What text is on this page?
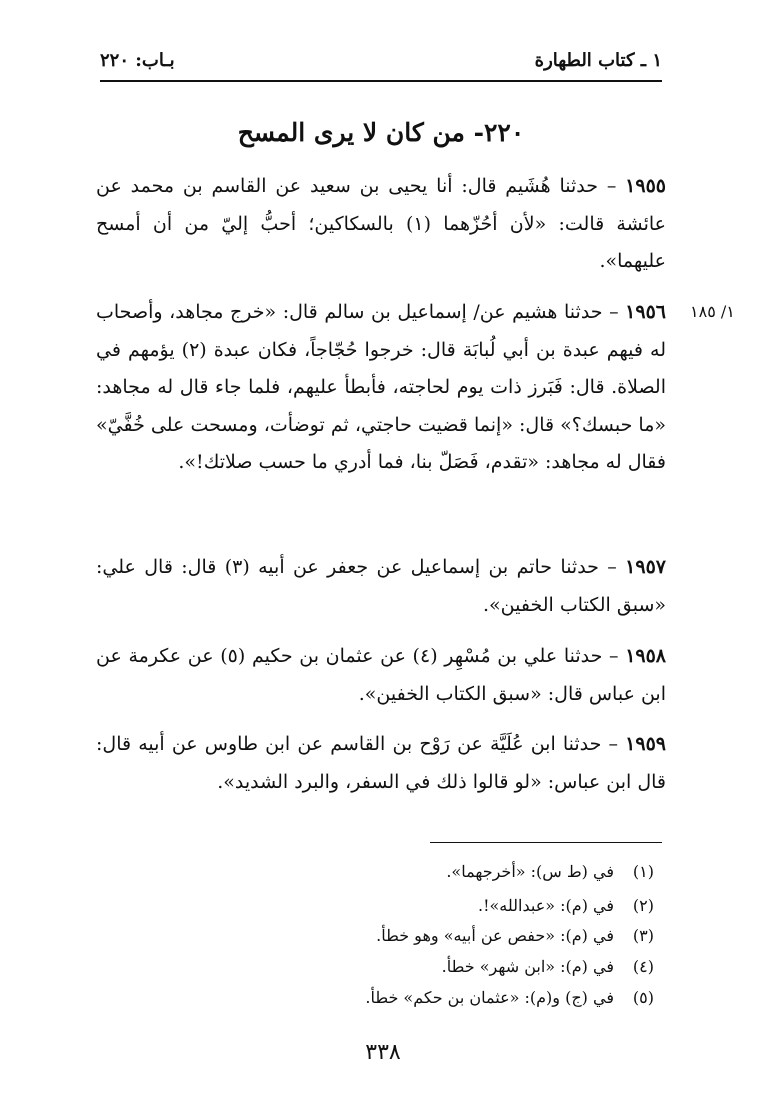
١ ـ كتاب الطهارة
بـاب: ٢٢٠
٢٢٠- من كان لا يرى المسح
١/ ١٨٥
١٩٥٥ – حدثنا هُشَيم قال: أنا يحيى بن سعيد عن القاسم بن محمد عن عائشة قالت: «لأن أحُزّهما (١) بالسكاكين؛ أحبُّ إليّ من أن أمسح عليهما».
١٩٥٦ – حدثنا هشيم عن/ إسماعيل بن سالم قال: «خرج مجاهد، وأصحاب له فيهم عبدة بن أبي لُبابَة قال: خرجوا حُجّاجاً، فكان عبدة (٢) يؤمهم في الصلاة. قال: فَبَرز ذات يوم لحاجته، فأبطأ عليهم، فلما جاء قال له مجاهد: «ما حبسك؟» قال: «إنما قضيت حاجتي، ثم توضأت، ومسحت على خُفَّيّ» فقال له مجاهد: «تقدم، فَصَلّ بنا، فما أدري ما حسب صلاتك!».
١٩٥٧ – حدثنا حاتم بن إسماعيل عن جعفر عن أبيه (٣) قال: قال علي: «سبق الكتاب الخفين».
١٩٥٨ – حدثنا علي بن مُسْهِر (٤) عن عثمان بن حكيم (٥) عن عكرمة عن ابن عباس قال: «سبق الكتاب الخفين».
١٩٥٩ – حدثنا ابن عُلَيَّة عن رَوْح بن القاسم عن ابن طاوس عن أبيه قال: قال ابن عباس: «لو قالوا ذلك في السفر، والبرد الشديد».
(١)في (ط س): «أخرجهما».
(٢)في (م): «عبدالله»!.
(٣)في (م): «حفص عن أبيه» وهو خطأ.
(٤)في (م): «ابن شهر» خطأ.
(٥)في (ج) و(م): «عثمان بن حكم» خطأ.
٣٣٨
